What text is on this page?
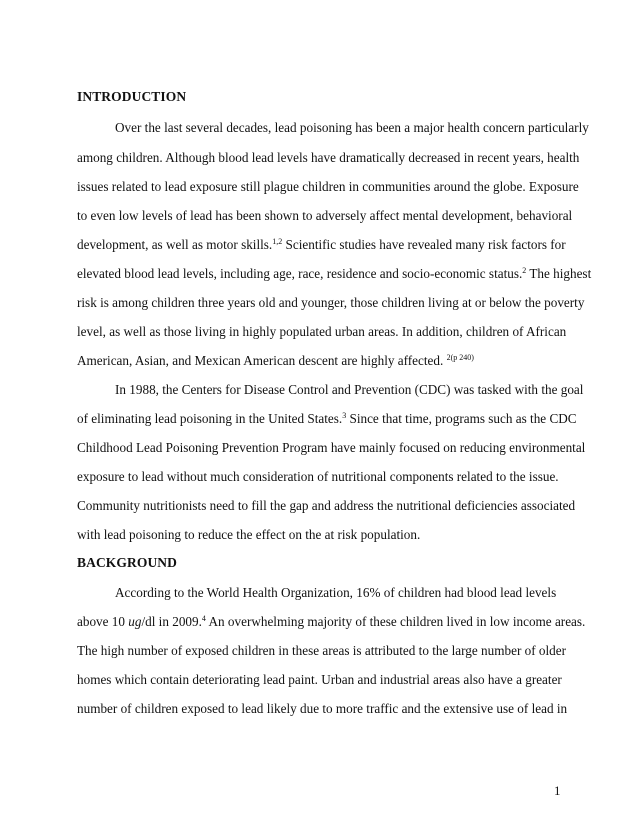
INTRODUCTION
Over the last several decades, lead poisoning has been a major health concern particularly
among children. Although blood lead levels have dramatically decreased in recent years, health
issues related to lead exposure still plague children in communities around the globe. Exposure
to even low levels of lead has been shown to adversely affect mental development, behavioral
development, as well as motor skills.$^{1,2}$ Scientific studies have revealed many risk factors for
elevated blood lead levels, including age, race, residence and socio-economic status.$^2$ The highest
risk is among children three years old and younger, those children living at or below the poverty
level, as well as those living in highly populated urban areas. In addition, children of African
American, Asian, and Mexican American descent are highly affected. $^{2(p 240)}$
In 1988, the Centers for Disease Control and Prevention (CDC) was tasked with the goal
of eliminating lead poisoning in the United States.$^3$ Since that time, programs such as the CDC
Childhood Lead Poisoning Prevention Program have mainly focused on reducing environmental
exposure to lead without much consideration of nutritional components related to the issue.
Community nutritionists need to fill the gap and address the nutritional deficiencies associated
with lead poisoning to reduce the effect on the at risk population.
BACKGROUND
According to the World Health Organization, 16% of children had blood lead levels
above 10 ug/dl in 2009.$^4$ An overwhelming majority of these children lived in low income areas.
The high number of exposed children in these areas is attributed to the large number of older
homes which contain deteriorating lead paint. Urban and industrial areas also have a greater
number of children exposed to lead likely due to more traffic and the extensive use of lead in
1
